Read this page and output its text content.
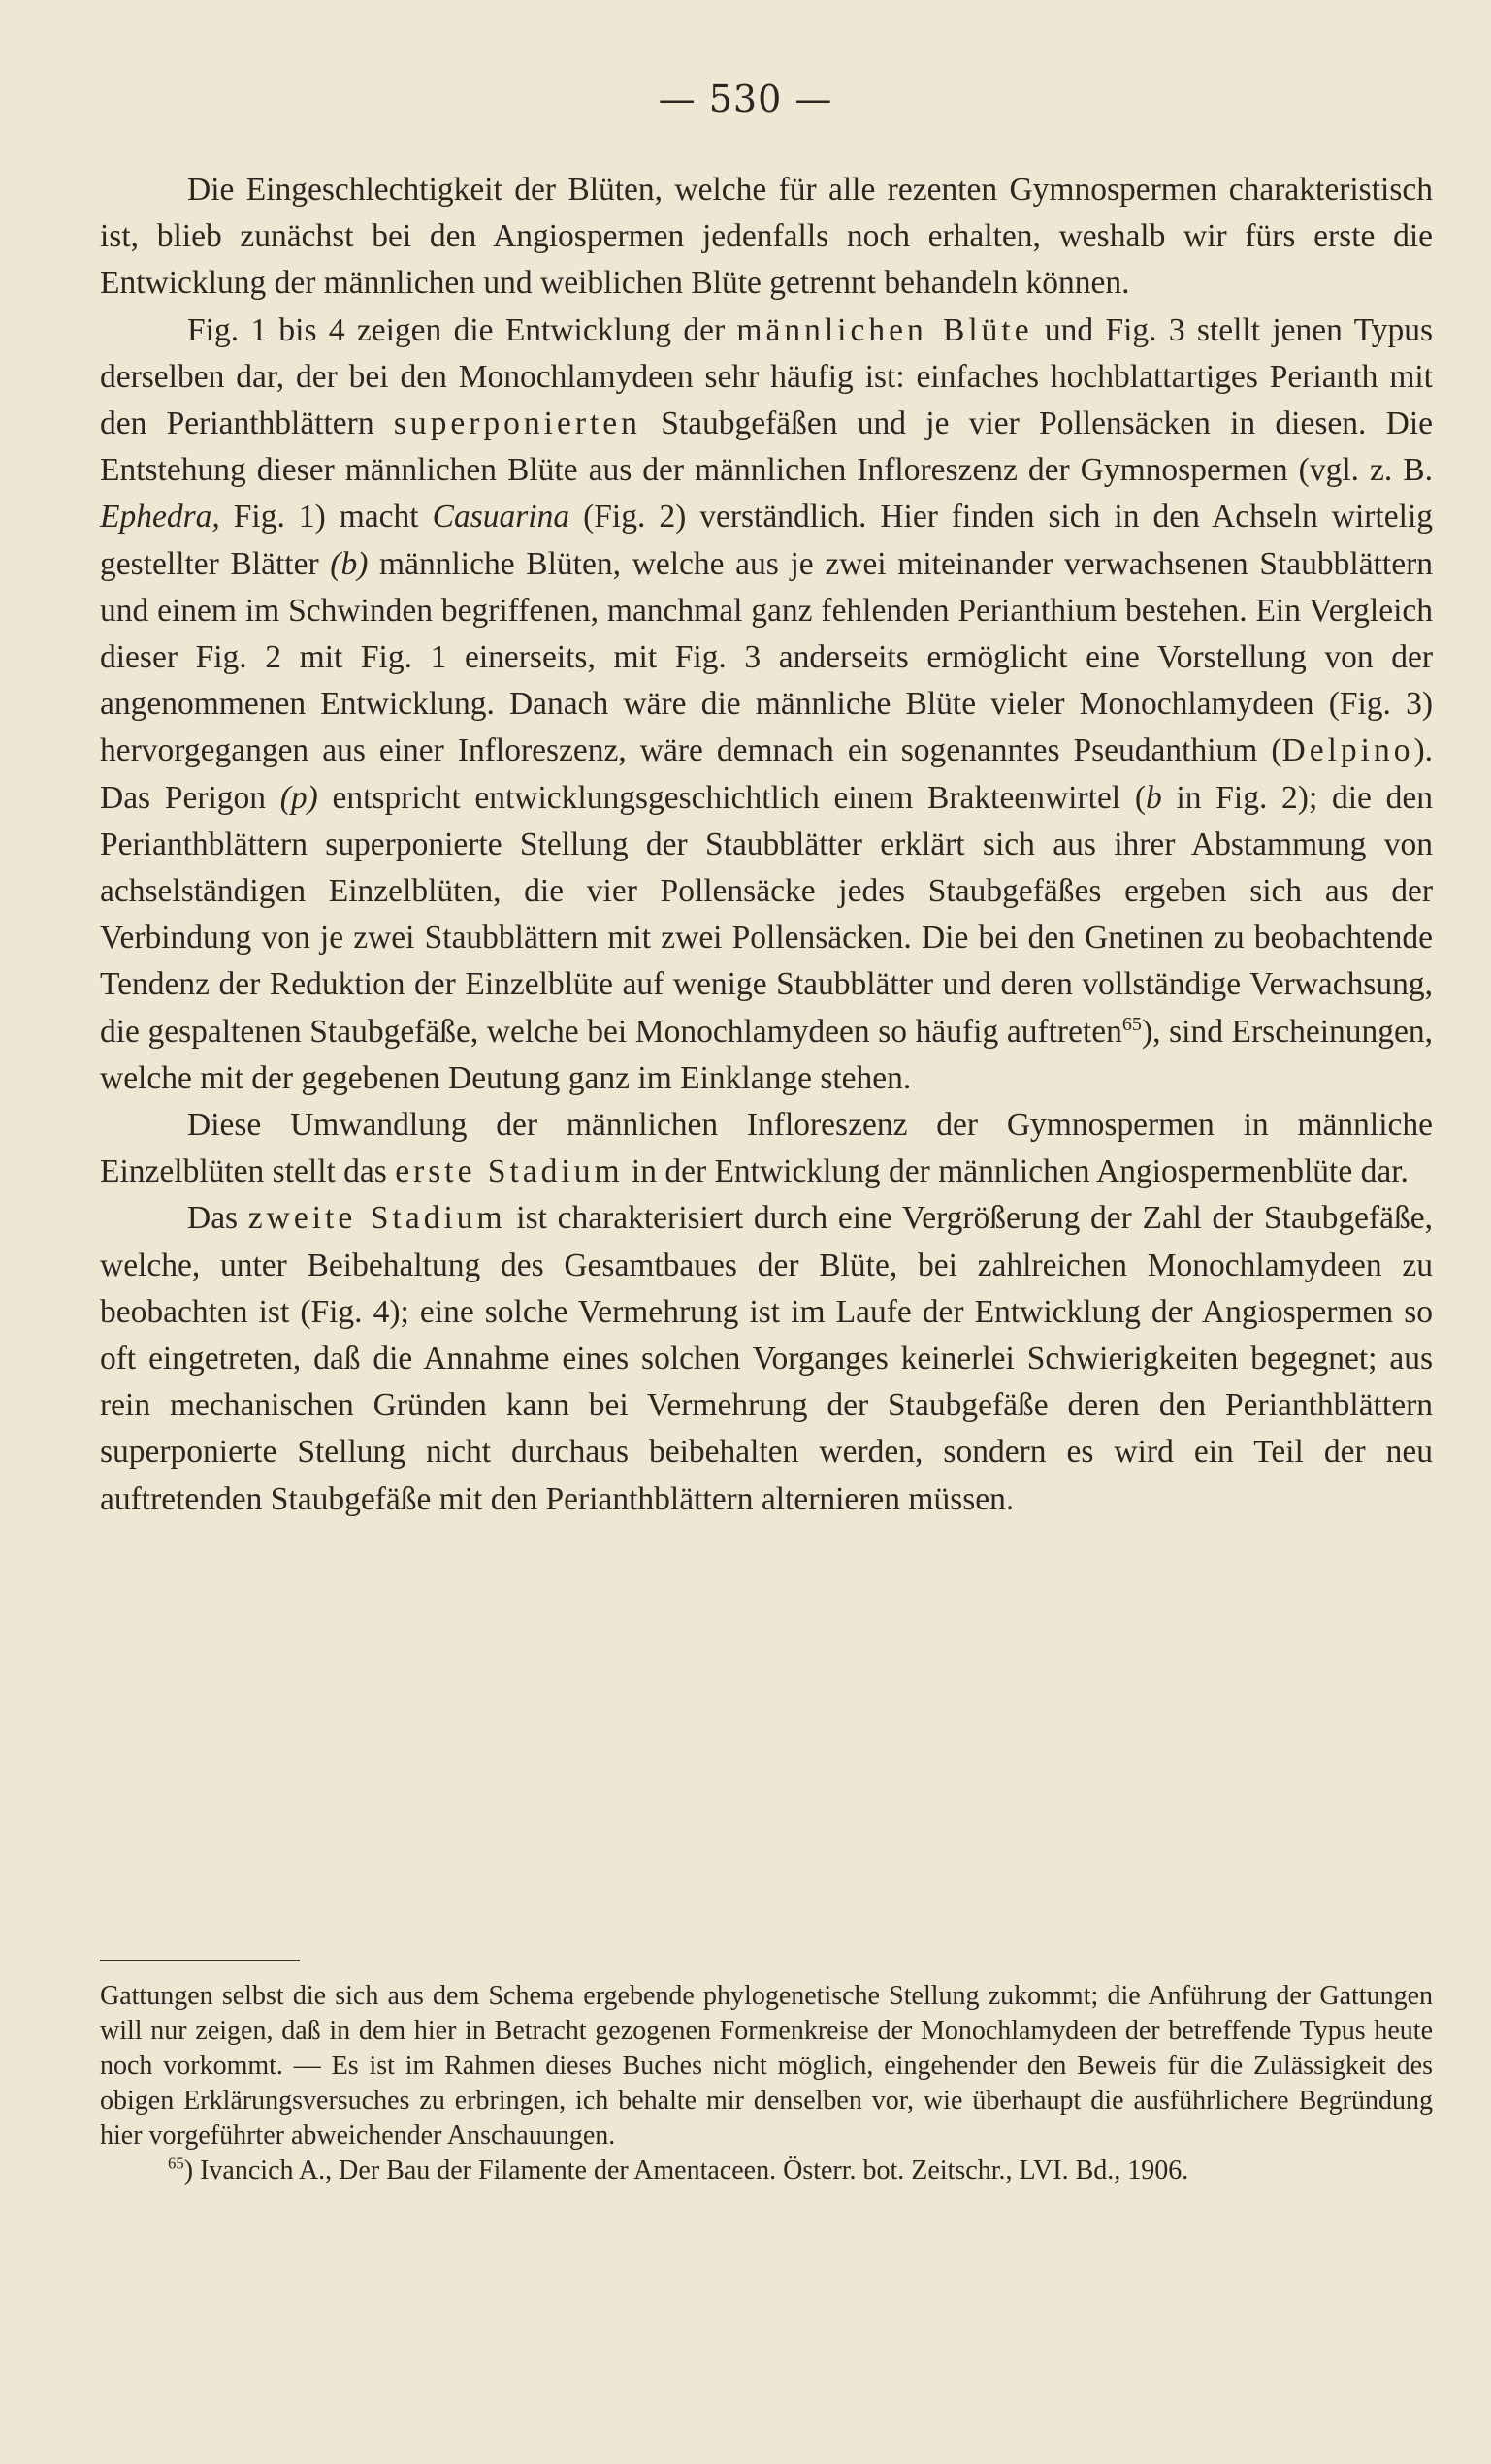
— 530 —

Die Eingeschlechtigkeit der Blüten, welche für alle rezenten Gymnospermen charakteristisch ist, blieb zunächst bei den Angiospermen jedenfalls noch erhalten, weshalb wir fürs erste die Entwicklung der männlichen und weiblichen Blüte getrennt behandeln können.

Fig. 1 bis 4 zeigen die Entwicklung der männlichen Blüte und Fig. 3 stellt jenen Typus derselben dar, der bei den Monochlamydeen sehr häufig ist: einfaches hochblattartiges Perianth mit den Perianthblättern superponierten Staubgefäßen und je vier Pollensäcken in diesen. Die Entstehung dieser männlichen Blüte aus der männlichen Infloreszenz der Gymnospermen (vgl. z. B. Ephedra, Fig. 1) macht Casuarina (Fig. 2) verständlich. Hier finden sich in den Achseln wirtelig gestellter Blätter (b) männliche Blüten, welche aus je zwei miteinander verwachsenen Staubblättern und einem im Schwinden begriffenen, manchmal ganz fehlenden Perianthium bestehen. Ein Vergleich dieser Fig. 2 mit Fig. 1 einerseits, mit Fig. 3 anderseits ermöglicht eine Vorstellung von der angenommenen Entwicklung. Danach wäre die männliche Blüte vieler Monochlamydeen (Fig. 3) hervorgegangen aus einer Infloreszenz, wäre demnach ein sogenanntes Pseudanthium (Delpino). Das Perigon (p) entspricht entwicklungsgeschichtlich einem Brakteenwirtel (b in Fig. 2); die den Perianthblättern superponierte Stellung der Staubblätter erklärt sich aus ihrer Abstammung von achselständigen Einzelblüten, die vier Pollensäcke jedes Staubgefäßes ergeben sich aus der Verbindung von je zwei Staubblättern mit zwei Pollensäcken. Die bei den Gnetinen zu beobachtende Tendenz der Reduktion der Einzelblüte auf wenige Staubblätter und deren vollständige Verwachsung, die gespaltenen Staubgefäße, welche bei Monochlamydeen so häufig auftreten$^{65}$), sind Erscheinungen, welche mit der gegebenen Deutung ganz im Einklange stehen.

Diese Umwandlung der männlichen Infloreszenz der Gymnospermen in männliche Einzelblüten stellt das erste Stadium in der Entwicklung der männlichen Angiospermenblüte dar.

Das zweite Stadium ist charakterisiert durch eine Vergrößerung der Zahl der Staubgefäße, welche, unter Beibehaltung des Gesamtbaues der Blüte, bei zahlreichen Monochlamydeen zu beobachten ist (Fig. 4); eine solche Vermehrung ist im Laufe der Entwicklung der Angiospermen so oft eingetreten, daß die Annahme eines solchen Vorganges keinerlei Schwierigkeiten begegnet; aus rein mechanischen Gründen kann bei Vermehrung der Staubgefäße deren den Perianthblättern superponierte Stellung nicht durchaus beibehalten werden, sondern es wird ein Teil der neu auftretenden Staubgefäße mit den Perianthblättern alternieren müssen.

Gattungen selbst die sich aus dem Schema ergebende phylogenetische Stellung zukommt; die Anführung der Gattungen will nur zeigen, daß in dem hier in Betracht gezogenen Formenkreise der Monochlamydeen der betreffende Typus heute noch vorkommt. — Es ist im Rahmen dieses Buches nicht möglich, eingehender den Beweis für die Zulässigkeit des obigen Erklärungsversuches zu erbringen, ich behalte mir denselben vor, wie überhaupt die ausführlichere Begründung hier vorgeführter abweichender Anschauungen.

$^{65}$) Ivancich A., Der Bau der Filamente der Amentaceen. Österr. bot. Zeitschr., LVI. Bd., 1906.
